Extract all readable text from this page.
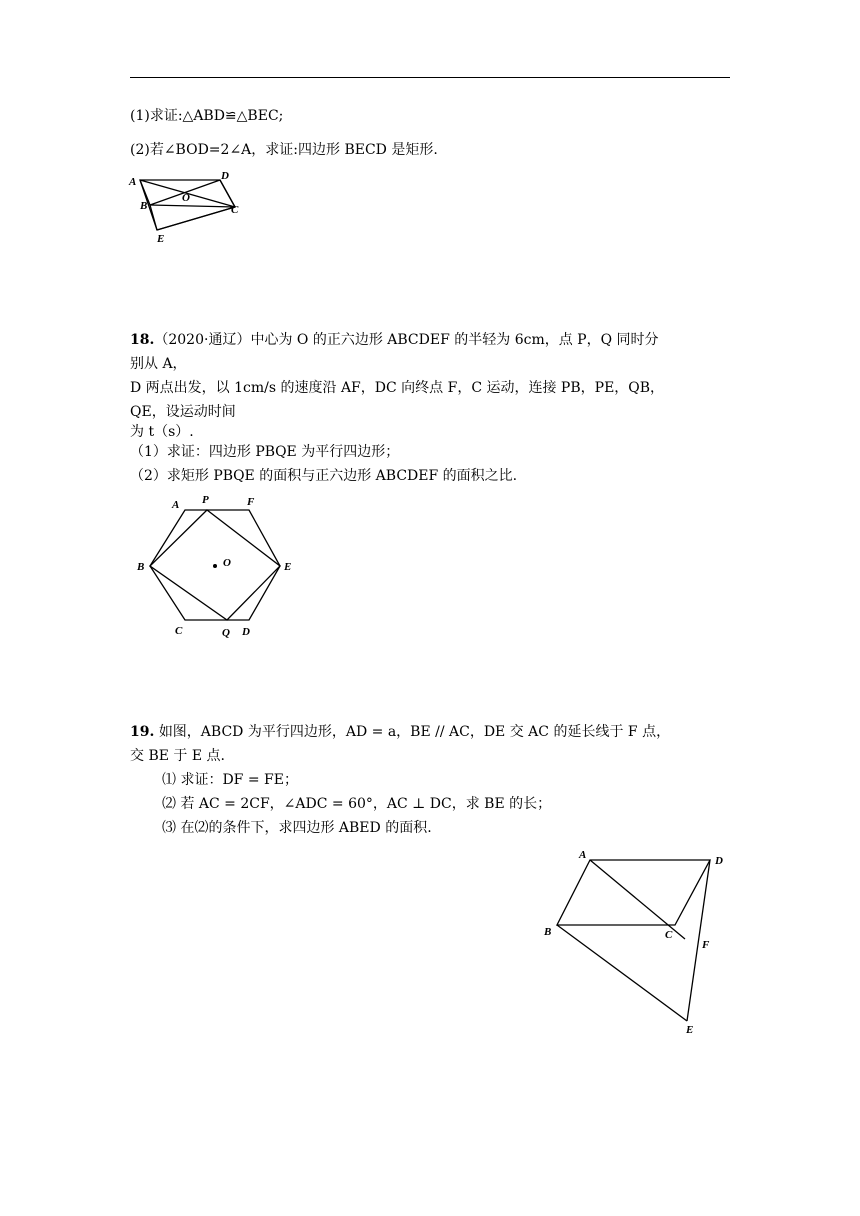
(1)求证:△ABD≌△BEC;
(2)若∠BOD=2∠A，求证:四边形 BECD 是矩形.
A	D
O
B	C
E
18.（2020·通辽）中心为 O 的正六边形 ABCDEF 的半轻为 6cm，点 P，Q 同时分
别从 A，
D 两点出发，以 1cm/s 的速度沿 AF，DC 向终点 F，C 运动，连接 PB，PE，QB，
QE，设运动时间
为 t（s）.
（1）求证：四边形 PBQE 为平行四边形；
（2）求矩形 PBQE 的面积与正六边形 ABCDEF 的面积之比.
A P	F
B	O	E
C	Q D
19. 如图，ABCD 为平行四边形，AD = a，BE // AC，DE 交 AC 的延长线于 F 点，
交 BE 于 E 点.
⑴ 求证：DF = FE；
⑵ 若 AC = 2CF，∠ADC = 60°，AC ⊥ DC，求 BE 的长；
⑶ 在⑵的条件下，求四边形 ABED 的面积.
A	D
B	C
F
E
